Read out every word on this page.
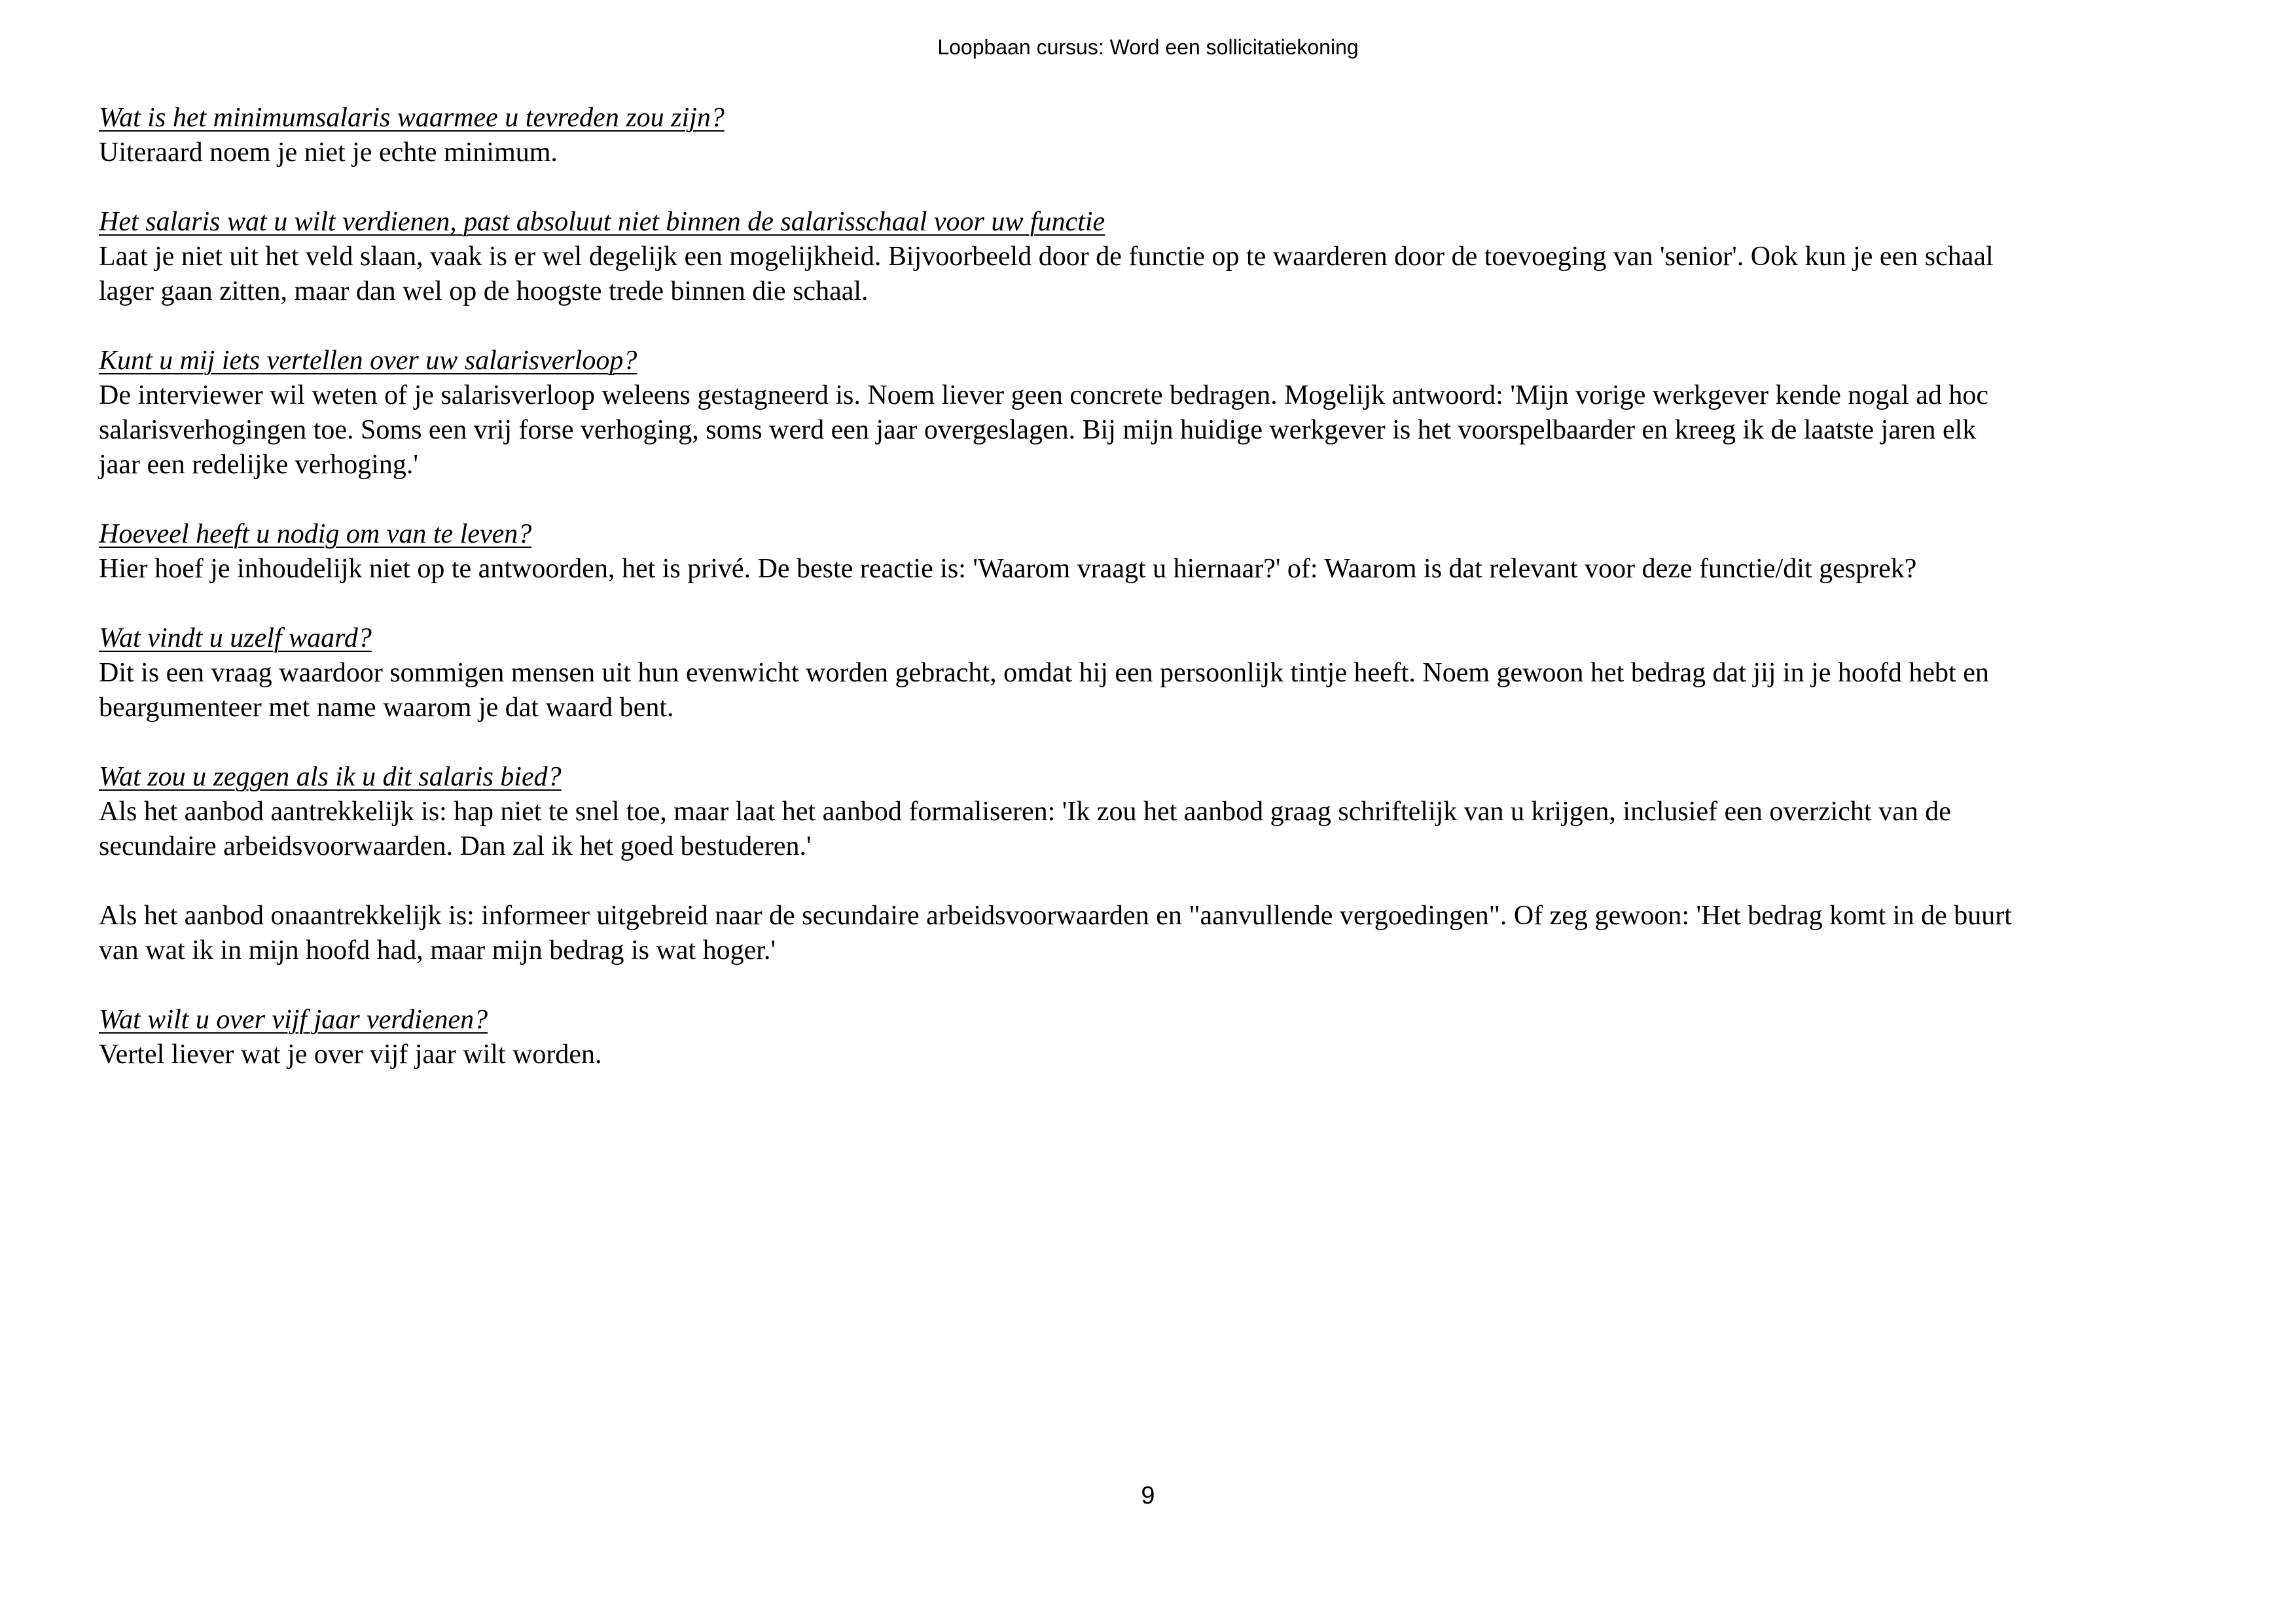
Loopbaan cursus: Word een sollicitatiekoning
Wat is het minimumsalaris waarmee u tevreden zou zijn?
Uiteraard noem je niet je echte minimum.
Het salaris wat u wilt verdienen, past absoluut niet binnen de salarisschaal voor uw functie
Laat je niet uit het veld slaan, vaak is er wel degelijk een mogelijkheid. Bijvoorbeeld door de functie op te waarderen door de toevoeging van 'senior'. Ook kun je een schaal
lager gaan zitten, maar dan wel op de hoogste trede binnen die schaal.
Kunt u mij iets vertellen over uw salarisverloop?
De interviewer wil weten of je salarisverloop weleens gestagneerd is. Noem liever geen concrete bedragen. Mogelijk antwoord: 'Mijn vorige werkgever kende nogal ad hoc
salarisverhogingen toe. Soms een vrij forse verhoging, soms werd een jaar overgeslagen. Bij mijn huidige werkgever is het voorspelbaarder en kreeg ik de laatste jaren elk
jaar een redelijke verhoging.'
Hoeveel heeft u nodig om van te leven?
Hier hoef je inhoudelijk niet op te antwoorden, het is privé. De beste reactie is: 'Waarom vraagt u hiernaar?' of: Waarom is dat relevant voor deze functie/dit gesprek?
Wat vindt u uzelf waard?
Dit is een vraag waardoor sommigen mensen uit hun evenwicht worden gebracht, omdat hij een persoonlijk tintje heeft. Noem gewoon het bedrag dat jij in je hoofd hebt en
beargumenteer met name waarom je dat waard bent.
Wat zou u zeggen als ik u dit salaris bied?
Als het aanbod aantrekkelijk is: hap niet te snel toe, maar laat het aanbod formaliseren: 'Ik zou het aanbod graag schriftelijk van u krijgen, inclusief een overzicht van de
secundaire arbeidsvoorwaarden. Dan zal ik het goed bestuderen.'
Als het aanbod onaantrekkelijk is: informeer uitgebreid naar de secundaire arbeidsvoorwaarden en "aanvullende vergoedingen". Of zeg gewoon: 'Het bedrag komt in de buurt
van wat ik in mijn hoofd had, maar mijn bedrag is wat hoger.'
Wat wilt u over vijf jaar verdienen?
Vertel liever wat je over vijf jaar wilt worden.
9
